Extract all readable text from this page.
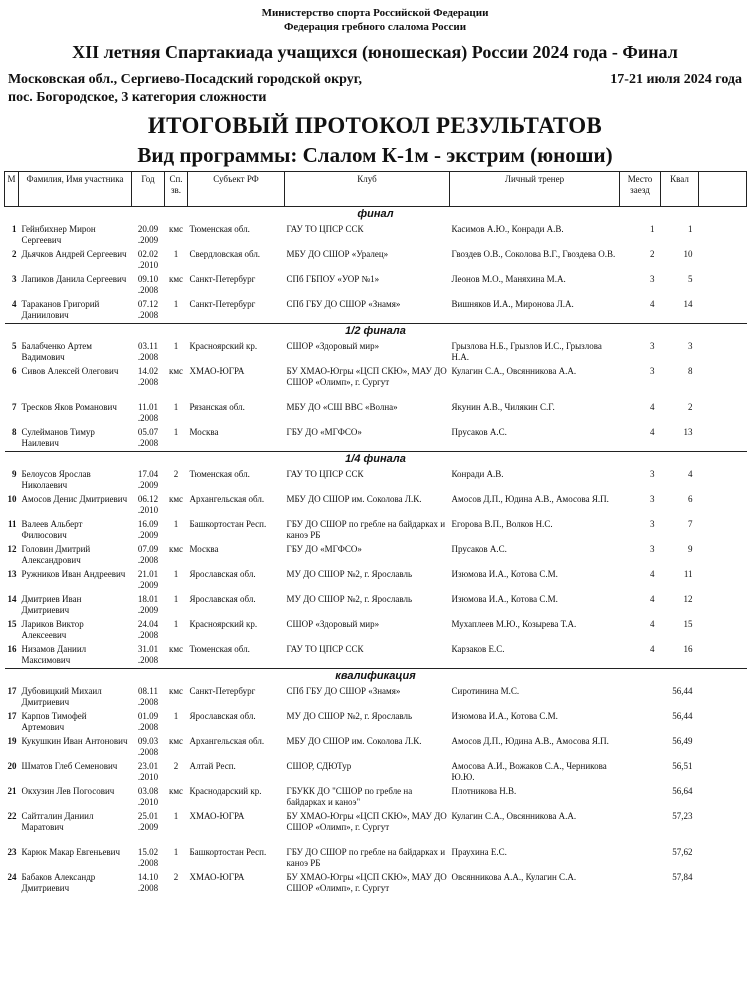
Министерство спорта Российской Федерации
Федерация гребного слалома России
XII летняя Спартакиада учащихся (юношеская) России 2024 года - Финал
Московская обл., Сергиево-Посадский городской округ,
пос. Богородское, 3 категория сложности
17-21 июля 2024 года
ИТОГОВЫЙ ПРОТОКОЛ РЕЗУЛЬТАТОВ
Вид программы: Слалом К-1м - экстрим (юноши)
М	Фамилия, Имя участника	Год	Сп. зв.	Субъект РФ	Клуб	Личный тренер	Место заезд	Квал	
финал									
1	Гейнбихнер Мирон Сергеевич	20.09 .2009	кмс	Тюменская обл.	ГАУ ТО ЦПСР ССК	Касимов А.Ю., Конради А.В.	1	1	
2	Дьячков Андрей Сергеевич	02.02 .2010	1	Свердловская обл.	МБУ ДО СШОР «Уралец»	Гвоздев О.В., Соколова В.Г., Гвоздева О.В.	2	10	
3	Лапиков Данила Сергеевич	09.10 .2008	кмс	Санкт-Петербург	СПб ГБПОУ «УОР №1»	Леонов М.О., Маняхина М.А.	3	5	
4	Тараканов Григорий Даниилович	07.12 .2008	1	Санкт-Петербург	СПб ГБУ ДО СШОР «Знамя»	Вишняков И.А., Миронова Л.А.	4	14	
1/2 финала									
5	Балабченко Артем Вадимович	03.11 .2008	1	Красноярский кр.	СШОР «Здоровый мир»	Грызлова Н.Б., Грызлов И.С., Грызлова Н.А.	3	3	
6	Сивов Алексей Олегович	14.02 .2008	кмс	ХМАО-ЮГРА	БУ ХМАО-Югры «ЦСП СКЮ», МАУ ДО СШОР «Олимп», г. Сургут	Кулагин С.А., Овсянникова А.А.	3	8	
7	Тресков Яков Романович	11.01 .2008	1	Рязанская обл.	МБУ ДО «СШ ВВС «Волна»	Якунин А.В., Чилякин С.Г.	4	2	
8	Сулейманов Тимур Наилевич	05.07 .2008	1	Москва	ГБУ ДО «МГФСО»	Прусаков А.С.	4	13	
1/4 финала									
9	Белоусов Ярослав Николаевич	17.04 .2009	2	Тюменская обл.	ГАУ ТО ЦПСР ССК	Конради А.В.	3	4	
10	Амосов Денис Дмитриевич	06.12 .2010	кмс	Архангельская обл.	МБУ ДО СШОР им. Соколова Л.К.	Амосов Д.П., Юдина А.В., Амосова Я.П.	3	6	
11	Валеев Альберт Филюсович	16.09 .2009	1	Башкортостан Респ.	ГБУ ДО СШОР по гребле на байдарках и каноэ РБ	Егорова В.П., Волков Н.С.	3	7	
12	Головин Дмитрий Александрович	07.09 .2008	кмс	Москва	ГБУ ДО «МГФСО»	Прусаков А.С.	3	9	
13	Ружников Иван Андреевич	21.01 .2009	1	Ярославская обл.	МУ ДО СШОР №2, г. Ярославль	Изюмова И.А., Котова С.М.	4	11	
14	Дмитриев Иван Дмитриевич	18.01 .2009	1	Ярославская обл.	МУ ДО СШОР №2, г. Ярославль	Изюмова И.А., Котова С.М.	4	12	
15	Лариков Виктор Алексеевич	24.04 .2008	1	Красноярский кр.	СШОР «Здоровый мир»	Мухаплеев М.Ю., Козырева Т.А.	4	15	
16	Низамов Даниил Максимович	31.01 .2008	кмс	Тюменская обл.	ГАУ ТО ЦПСР ССК	Карзаков Е.С.	4	16	
квалификация									
17	Дубовицкий Михаил Дмитриевич	08.11 .2008	кмс	Санкт-Петербург	СПб ГБУ ДО СШОР «Знамя»	Сиротинина М.С.		56,44	
17	Карпов Тимофей Артемович	01.09 .2008	1	Ярославская обл.	МУ ДО СШОР №2, г. Ярославль	Изюмова И.А., Котова С.М.		56,44	
19	Кукушкин Иван Антонович	09.03 .2008	кмс	Архангельская обл.	МБУ ДО СШОР им. Соколова Л.К.	Амосов Д.П., Юдина А.В., Амосова Я.П.		56,49	
20	Шматов Глеб Семенович	23.01 .2010	2	Алтай Респ.	СШОР, СДЮТур	Амосова А.И., Вожаков С.А., Черникова Ю.Ю.		56,51	
21	Окхузин Лев Погосович	03.08 .2010	кмс	Краснодарский кр.	ГБУКК ДО "СШОР по гребле на байдарках и каноэ"	Плотникова Н.В.		56,64	
22	Сайтгалин Даниил Маратович	25.01 .2009	1	ХМАО-ЮГРА	БУ ХМАО-Югры «ЦСП СКЮ», МАУ ДО СШОР «Олимп», г. Сургут	Кулагин С.А., Овсянникова А.А.		57,23	
23	Карюк Макар Евгеньевич	15.02 .2008	1	Башкортостан Респ.	ГБУ ДО СШОР по гребле на байдарках и каноэ РБ	Праухина Е.С.		57,62	
24	Бабаков Александр Дмитриевич	14.10 .2008	2	ХМАО-ЮГРА	БУ ХМАО-Югры «ЦСП СКЮ», МАУ ДО СШОР «Олимп», г. Сургут	Овсянникова А.А., Кулагин С.А.		57,84	
